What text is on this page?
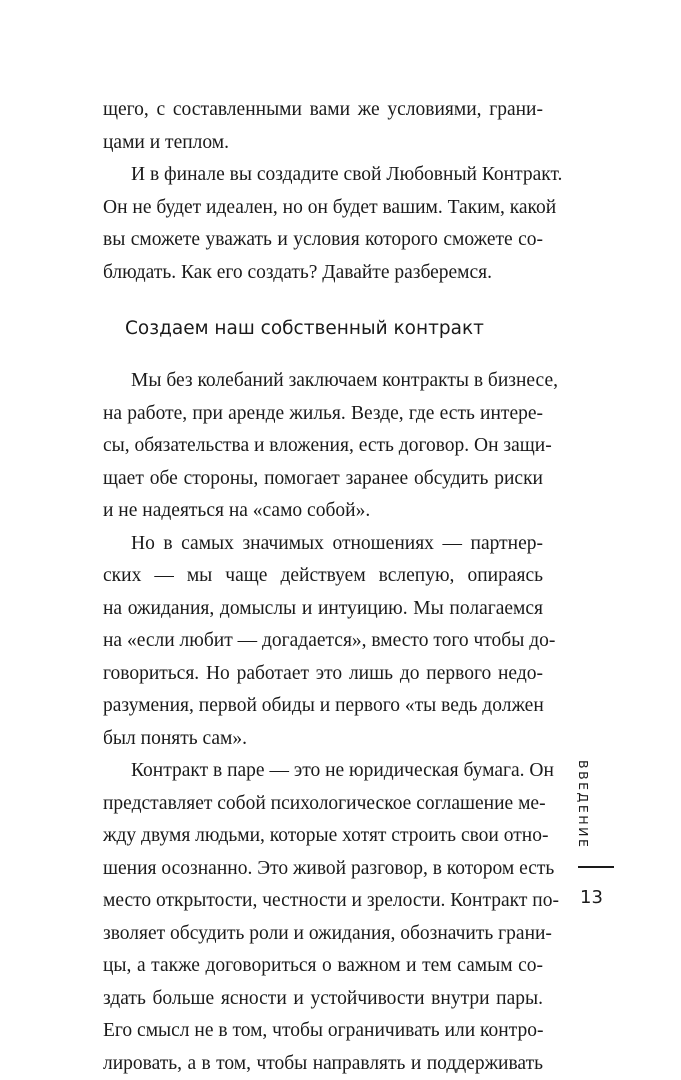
щего, с составленными вами же условиями, грани-
цами и теплом.
И в финале вы создадите свой Любовный Контракт.
Он не будет идеален, но он будет вашим. Таким, какой
вы сможете уважать и условия которого сможете со-
блюдать. Как его создать? Давайте разберемся.
Создаем наш собственный контракт
Мы без колебаний заключаем контракты в бизнесе,
на работе, при аренде жилья. Везде, где есть интере-
сы, обязательства и вложения, есть договор. Он защи-
щает обе стороны, помогает заранее обсудить риски
и не надеяться на «само собой».
Но в самых значимых отношениях — партнер-
ских — мы чаще действуем вслепую, опираясь
на ожидания, домыслы и интуицию. Мы полагаемся
на «если любит — догадается», вместо того чтобы до-
говориться. Но работает это лишь до первого недо-
разумения, первой обиды и первого «ты ведь должен
был понять сам».
Контракт в паре — это не юридическая бумага. Он
представляет собой психологическое соглашение ме-
жду двумя людьми, которые хотят строить свои отно-
шения осознанно. Это живой разговор, в котором есть
место открытости, честности и зрелости. Контракт по-
зволяет обсудить роли и ожидания, обозначить грани-
цы, а также договориться о важном и тем самым со-
здать больше ясности и устойчивости внутри пары.
Его смысл не в том, чтобы ограничивать или контро-
лировать, а в том, чтобы направлять и поддерживать
ВВЕДЕНИЕ
13
